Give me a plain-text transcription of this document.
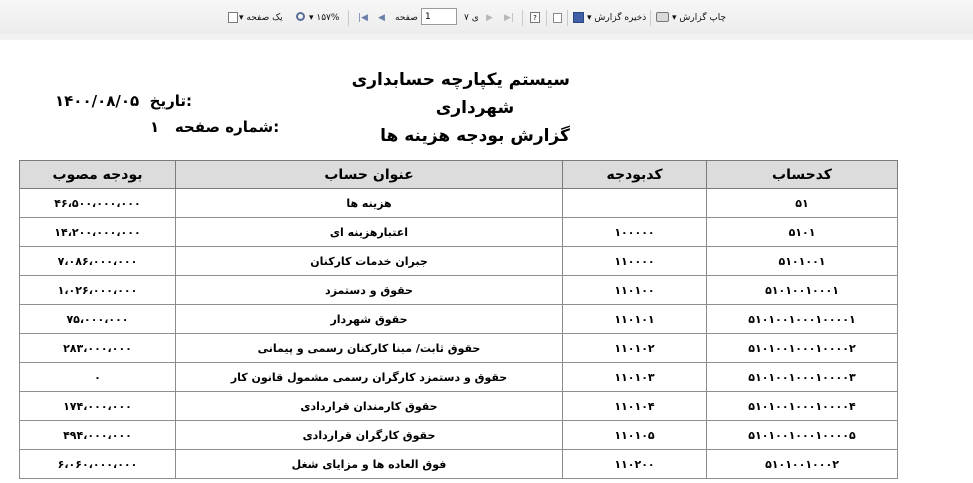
▾ یک صفحه	▾ ۱۵۷% |◀ ◀ صفحه
1	ی ۷ ▶ ▶|	?	▾ ذخیره گزارش	▾ چاپ گزارش
سیستم یکپارچه حسابداری
شهرداری
گزارش بودجه هزینه ها
۱۴۰۰/۰۸/۰۵ تاریخ:
۱ شماره صفحه:
کدحساب	کدبودجه	عنوان حساب	بودجه مصوب
۵۱		هزینه ها	۴۶،۵۰۰،۰۰۰،۰۰۰
۵۱۰۱	۱۰۰۰۰۰	اعتبارهزینه ای	۱۴،۲۰۰،۰۰۰،۰۰۰
۵۱۰۱۰۰۱	۱۱۰۰۰۰	جبران خدمات کارکنان	۷،۰۸۶،۰۰۰،۰۰۰
۵۱۰۱۰۰۱۰۰۰۱	۱۱۰۱۰۰	حقوق و دستمزد	۱،۰۲۶،۰۰۰،۰۰۰
۵۱۰۱۰۰۱۰۰۰۱۰۰۰۰۱	۱۱۰۱۰۱	حقوق شهردار	۷۵،۰۰۰،۰۰۰
۵۱۰۱۰۰۱۰۰۰۱۰۰۰۰۲	۱۱۰۱۰۲	حقوق ثابت/ مبنا کارکنان رسمی و پیمانی	۲۸۳،۰۰۰،۰۰۰
۵۱۰۱۰۰۱۰۰۰۱۰۰۰۰۳	۱۱۰۱۰۳	حقوق و دستمزد کارگران رسمی مشمول قانون کار	۰
۵۱۰۱۰۰۱۰۰۰۱۰۰۰۰۴	۱۱۰۱۰۴	حقوق کارمندان قراردادی	۱۷۴،۰۰۰،۰۰۰
۵۱۰۱۰۰۱۰۰۰۱۰۰۰۰۵	۱۱۰۱۰۵	حقوق کارگران قراردادی	۴۹۴،۰۰۰،۰۰۰
۵۱۰۱۰۰۱۰۰۰۲	۱۱۰۲۰۰	فوق العاده ها و مزایای شغل	۶،۰۶۰،۰۰۰،۰۰۰
